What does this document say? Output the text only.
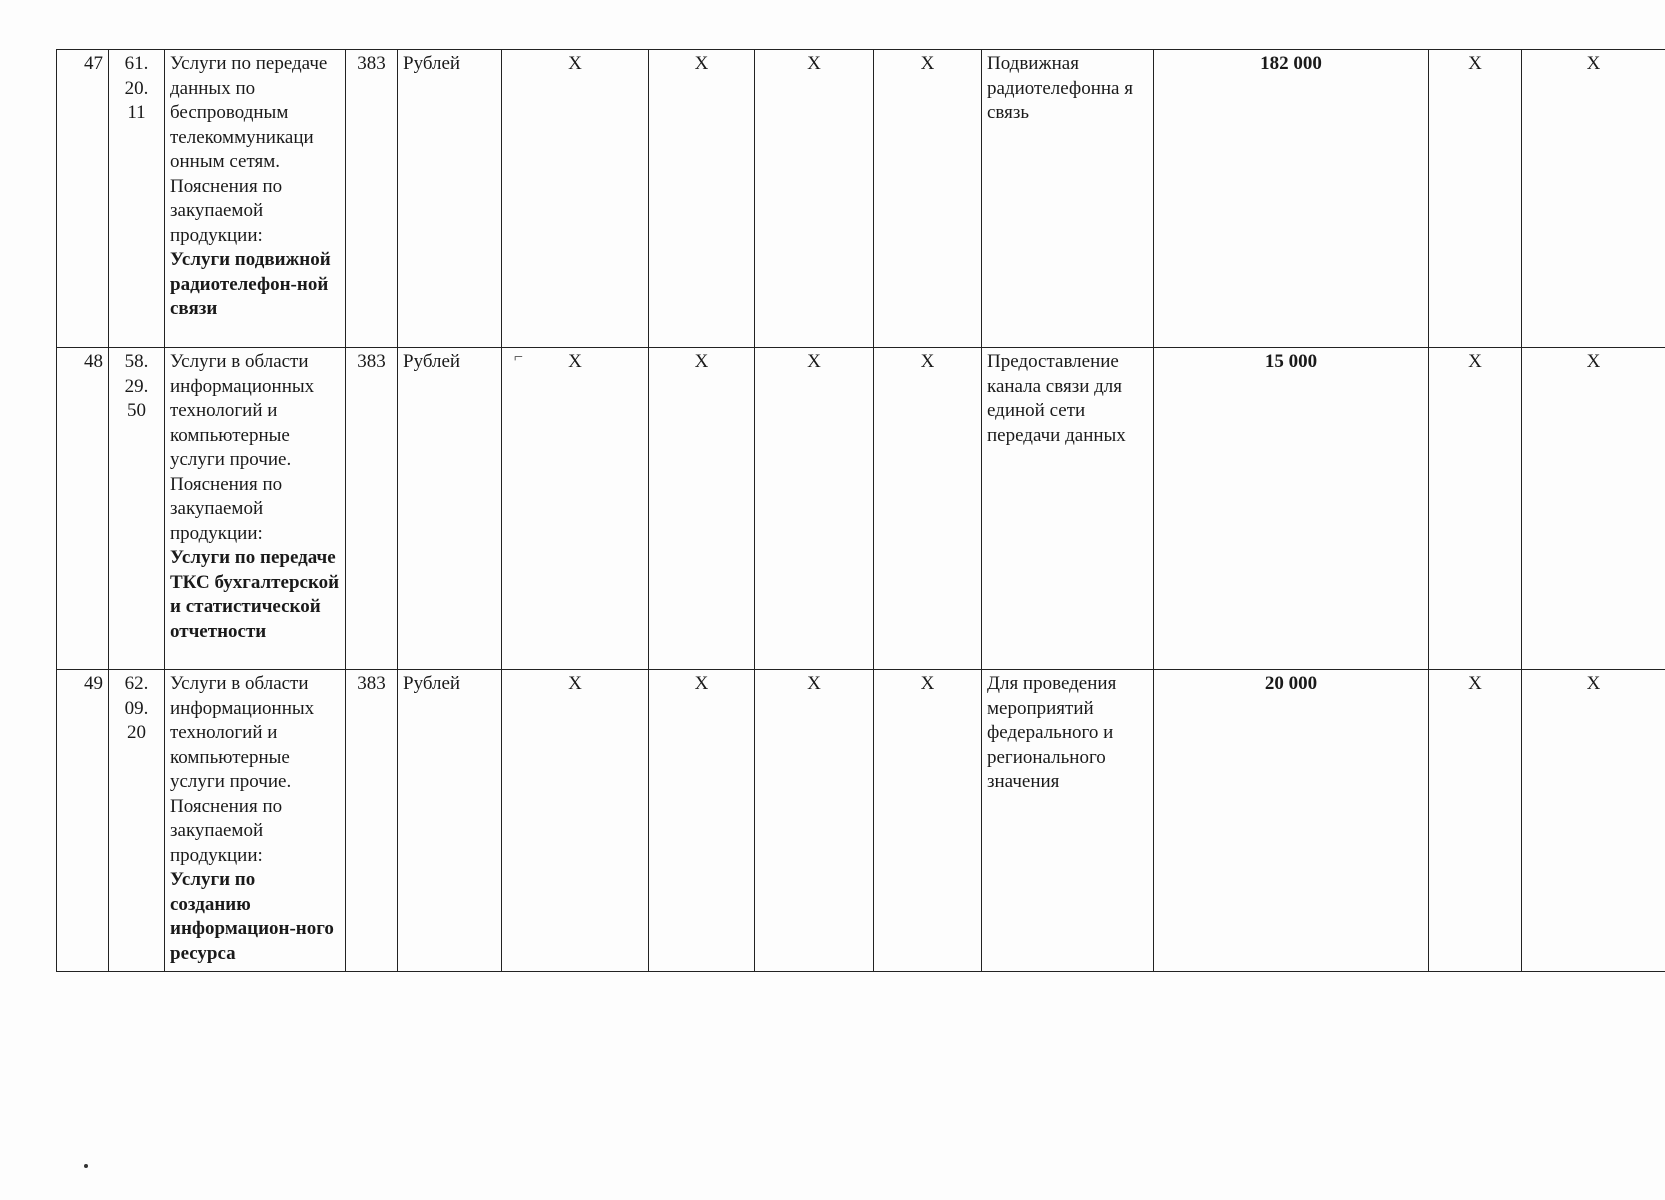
47	61.
20.
11	Услуги по передаче данных по беспроводным телекоммуникаци онным сетям. Пояснения по закупаемой продукции:
Услуги подвижной радиотелефон-ной связи	383	Рублей	X	X	X	X	Подвижная радиотелефонна я связь	182 000	X	X
48	58.
29.
50	Услуги в области информационных технологий и компьютерные услуги прочие. Пояснения по закупаемой продукции:
Услуги по передаче ТКС бухгалтерской и статистической отчетности	383	Рублей	X	X	X	X	Предоставление канала связи для единой сети передачи данных	15 000	X	X
49	62.
09.
20	Услуги в области информационных технологий и компьютерные услуги прочие. Пояснения по закупаемой продукции:
Услуги по созданию информацион-ного ресурса	383	Рублей	X	X	X	X	Для проведения мероприятий федерального и регионального значения	20 000	X	X
⌐
